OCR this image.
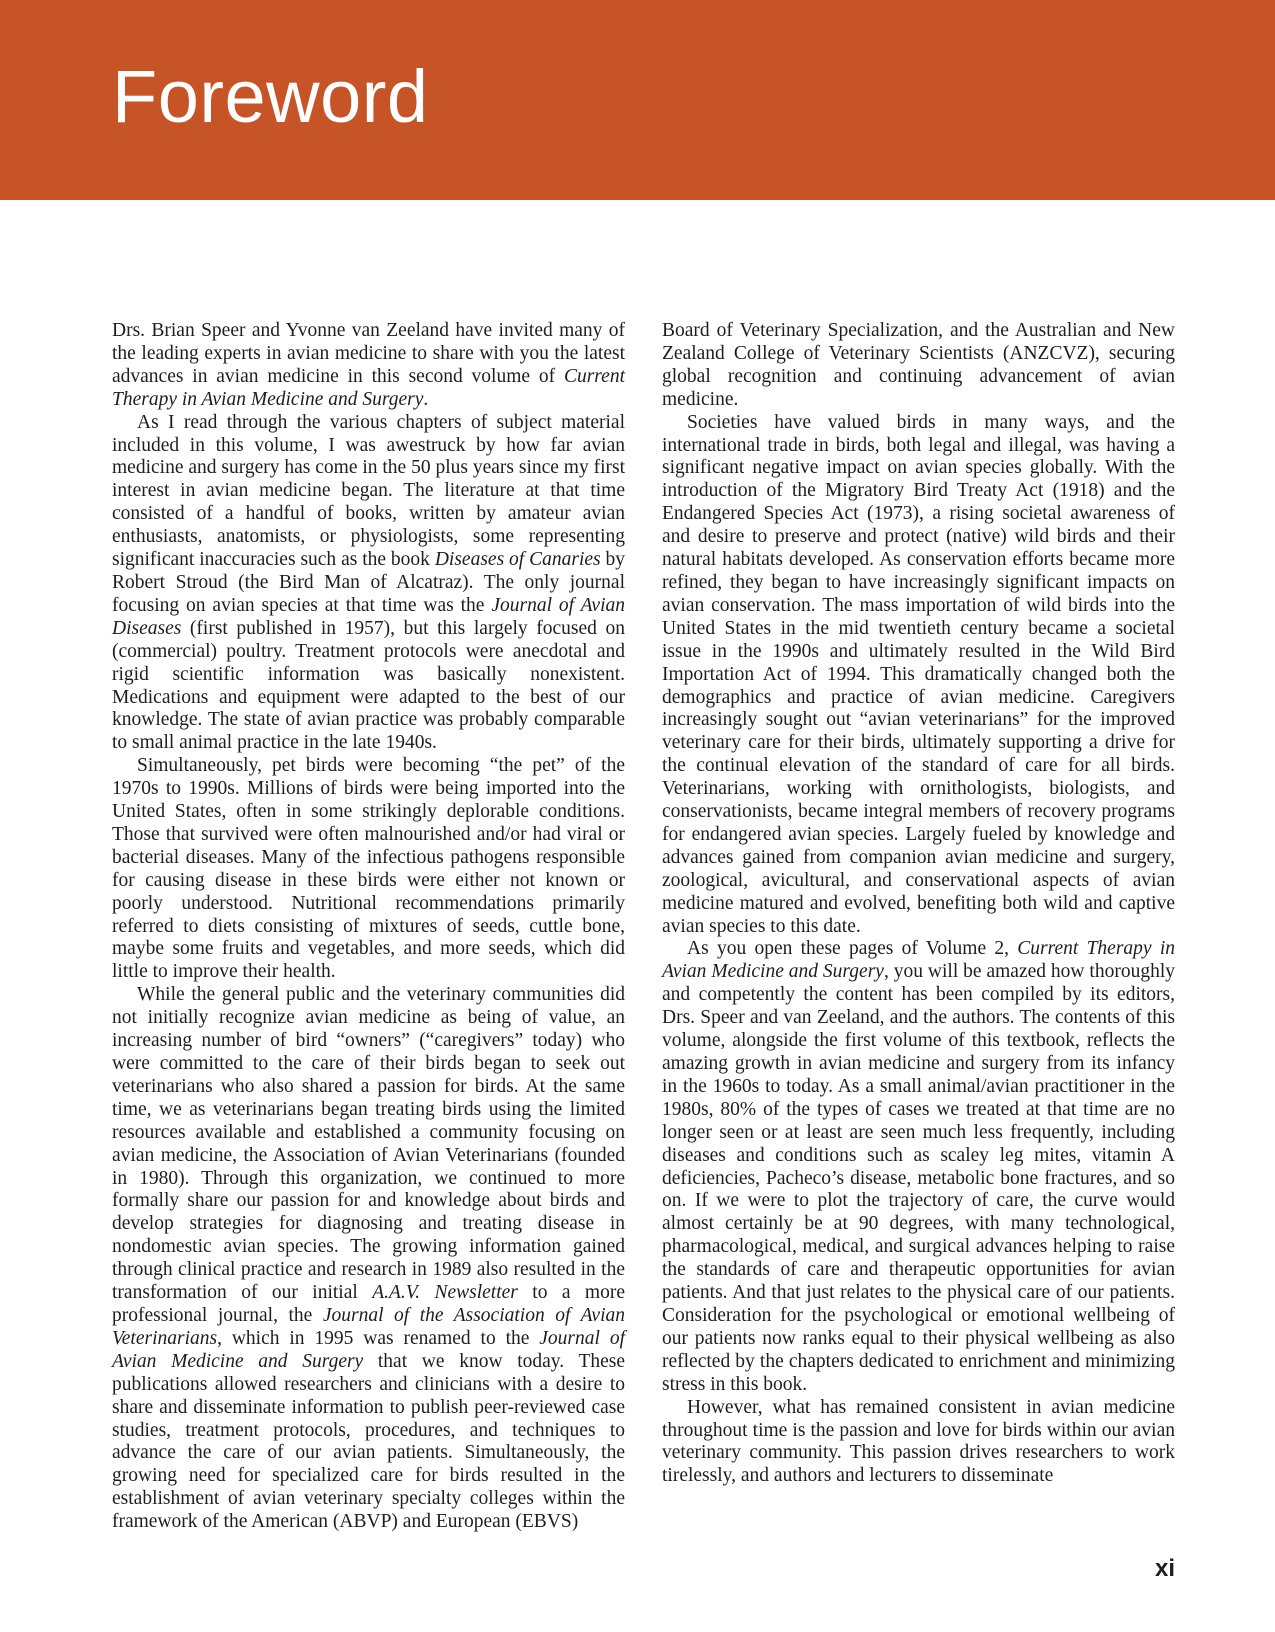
Foreword

Drs. Brian Speer and Yvonne van Zeeland have invited many of the leading experts in avian medicine to share with you the latest advances in avian medicine in this second volume of Current Therapy in Avian Medicine and Surgery.

As I read through the various chapters of subject material included in this volume, I was awestruck by how far avian medicine and surgery has come in the 50 plus years since my first interest in avian medicine began. The literature at that time consisted of a handful of books, written by amateur avian enthusiasts, anatomists, or physiologists, some representing significant inaccuracies such as the book Diseases of Canaries by Robert Stroud (the Bird Man of Alcatraz). The only journal focusing on avian species at that time was the Journal of Avian Diseases (first published in 1957), but this largely focused on (commercial) poultry. Treatment protocols were anecdotal and rigid scientific information was basically nonexistent. Medications and equipment were adapted to the best of our knowledge. The state of avian practice was probably comparable to small animal practice in the late 1940s.

Simultaneously, pet birds were becoming “the pet” of the 1970s to 1990s. Millions of birds were being imported into the United States, often in some strikingly deplorable conditions. Those that survived were often malnourished and/or had viral or bacterial diseases. Many of the infectious pathogens responsible for causing disease in these birds were either not known or poorly understood. Nutritional recommendations primarily referred to diets consisting of mixtures of seeds, cuttle bone, maybe some fruits and vegetables, and more seeds, which did little to improve their health.

While the general public and the veterinary communities did not initially recognize avian medicine as being of value, an increasing number of bird “owners” (“caregivers” today) who were committed to the care of their birds began to seek out veterinarians who also shared a passion for birds. At the same time, we as veterinarians began treating birds using the limited resources available and established a community focusing on avian medicine, the Association of Avian Veterinarians (founded in 1980). Through this organization, we continued to more formally share our passion for and knowledge about birds and develop strategies for diagnosing and treating disease in nondomestic avian species. The growing information gained through clinical practice and research in 1989 also resulted in the transformation of our initial A.A.V. Newsletter to a more professional journal, the Journal of the Association of Avian Veterinarians, which in 1995 was renamed to the Journal of Avian Medicine and Surgery that we know today. These publications allowed researchers and clinicians with a desire to share and disseminate information to publish peer-reviewed case studies, treatment protocols, procedures, and techniques to advance the care of our avian patients. Simultaneously, the growing need for specialized care for birds resulted in the establishment of avian veterinary specialty colleges within the framework of the American (ABVP) and European (EBVS)

Board of Veterinary Specialization, and the Australian and New Zealand College of Veterinary Scientists (ANZCVZ), securing global recognition and continuing advancement of avian medicine.

Societies have valued birds in many ways, and the international trade in birds, both legal and illegal, was having a significant negative impact on avian species globally. With the introduction of the Migratory Bird Treaty Act (1918) and the Endangered Species Act (1973), a rising societal awareness of and desire to preserve and protect (native) wild birds and their natural habitats developed. As conservation efforts became more refined, they began to have increasingly significant impacts on avian conservation. The mass importation of wild birds into the United States in the mid twentieth century became a societal issue in the 1990s and ultimately resulted in the Wild Bird Importation Act of 1994. This dramatically changed both the demographics and practice of avian medicine. Caregivers increasingly sought out “avian veterinarians” for the improved veterinary care for their birds, ultimately supporting a drive for the continual elevation of the standard of care for all birds. Veterinarians, working with ornithologists, biologists, and conservationists, became integral members of recovery programs for endangered avian species. Largely fueled by knowledge and advances gained from companion avian medicine and surgery, zoological, avicultural, and conservational aspects of avian medicine matured and evolved, benefiting both wild and captive avian species to this date.

As you open these pages of Volume 2, Current Therapy in Avian Medicine and Surgery, you will be amazed how thoroughly and competently the content has been compiled by its editors, Drs. Speer and van Zeeland, and the authors. The contents of this volume, alongside the first volume of this textbook, reflects the amazing growth in avian medicine and surgery from its infancy in the 1960s to today. As a small animal/avian practitioner in the 1980s, 80% of the types of cases we treated at that time are no longer seen or at least are seen much less frequently, including diseases and conditions such as scaley leg mites, vitamin A deficiencies, Pacheco’s disease, metabolic bone fractures, and so on. If we were to plot the trajectory of care, the curve would almost certainly be at 90 degrees, with many technological, pharmacological, medical, and surgical advances helping to raise the standards of care and therapeutic opportunities for avian patients. And that just relates to the physical care of our patients. Consideration for the psychological or emotional wellbeing of our patients now ranks equal to their physical wellbeing as also reflected by the chapters dedicated to enrichment and minimizing stress in this book.

However, what has remained consistent in avian medicine throughout time is the passion and love for birds within our avian veterinary community. This passion drives researchers to work tirelessly, and authors and lecturers to disseminate

xi
